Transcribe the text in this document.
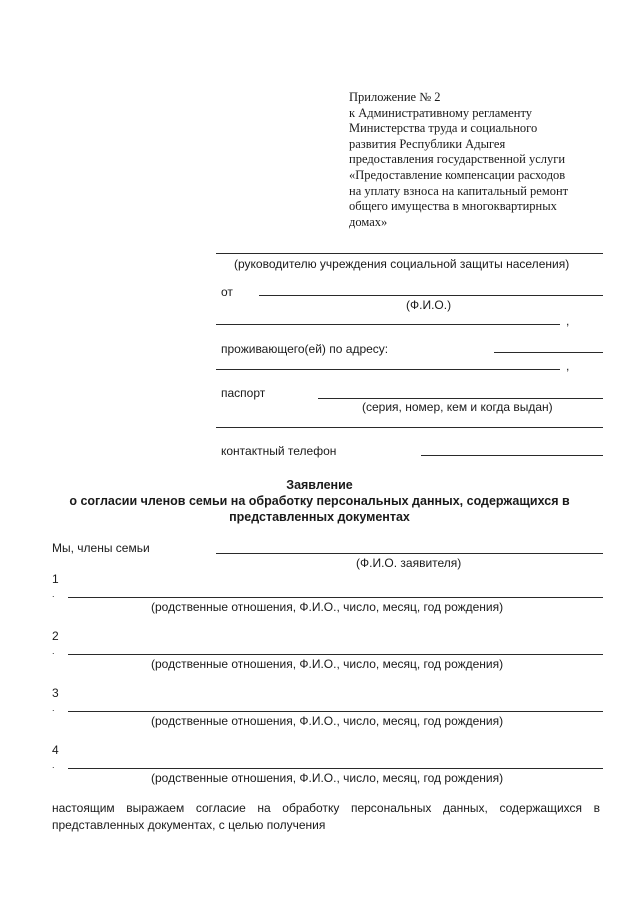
Приложение № 2
к Административному регламенту
Министерства труда и социального
развития Республики Адыгея
предоставления государственной услуги
«Предоставление компенсации расходов
на уплату взноса на капитальный ремонт
общего имущества в многоквартирных
домах»
(руководителю учреждения социальной защиты населения)
от
(Ф.И.О.)
,
проживающего(ей) по адресу:
,
паспорт
(серия, номер, кем и когда выдан)
контактный телефон
Заявление
о согласии членов семьи на обработку персональных данных, содержащихся в
представленных документах
Мы, члены семьи
(Ф.И.О. заявителя)
1
.
(родственные отношения, Ф.И.О., число, месяц, год рождения)
2
.
(родственные отношения, Ф.И.О., число, месяц, год рождения)
3
.
(родственные отношения, Ф.И.О., число, месяц, год рождения)
4
.
(родственные отношения, Ф.И.О., число, месяц, год рождения)
настоящим выражаем согласие на обработку персональных данных, содержащихся в
представленных документах, с целью получения
